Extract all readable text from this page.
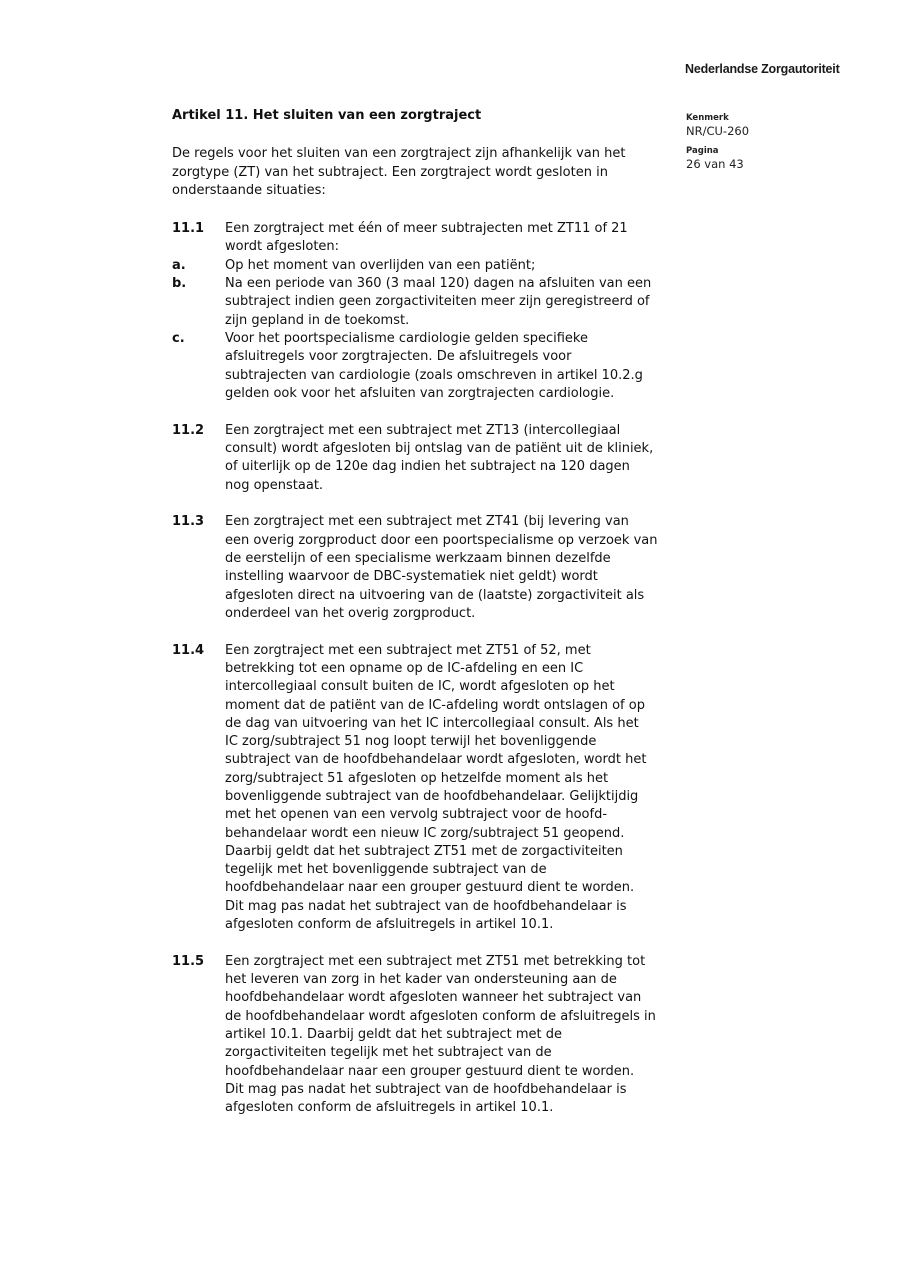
Nederlandse Zorgautoriteit
Kenmerk
NR/CU-260
Pagina
26 van 43
Artikel 11. Het sluiten van een zorgtraject
De regels voor het sluiten van een zorgtraject zijn afhankelijk van het
zorgtype (ZT) van het subtraject. Een zorgtraject wordt gesloten in
onderstaande situaties:
11.1	Een zorgtraject met één of meer subtrajecten met ZT11 of 21
wordt afgesloten:
a.	Op het moment van overlijden van een patiënt;
b.	Na een periode van 360 (3 maal 120) dagen na afsluiten van een
subtraject indien geen zorgactiviteiten meer zijn geregistreerd of
zijn gepland in de toekomst.
c.	Voor het poortspecialisme cardiologie gelden specifieke
afsluitregels voor zorgtrajecten. De afsluitregels voor
subtrajecten van cardiologie (zoals omschreven in artikel 10.2.g
gelden ook voor het afsluiten van zorgtrajecten cardiologie.
11.2	Een zorgtraject met een subtraject met ZT13 (intercollegiaal
consult) wordt afgesloten bij ontslag van de patiënt uit de kliniek,
of uiterlijk op de 120e dag indien het subtraject na 120 dagen
nog openstaat.
11.3	Een zorgtraject met een subtraject met ZT41 (bij levering van
een overig zorgproduct door een poortspecialisme op verzoek van
de eerstelijn of een specialisme werkzaam binnen dezelfde
instelling waarvoor de DBC-systematiek niet geldt) wordt
afgesloten direct na uitvoering van de (laatste) zorgactiviteit als
onderdeel van het overig zorgproduct.
11.4	Een zorgtraject met een subtraject met ZT51 of 52, met
betrekking tot een opname op de IC-afdeling en een IC
intercollegiaal consult buiten de IC, wordt afgesloten op het
moment dat de patiënt van de IC-afdeling wordt ontslagen of op
de dag van uitvoering van het IC intercollegiaal consult. Als het
IC zorg/subtraject 51 nog loopt terwijl het bovenliggende
subtraject van de hoofdbehandelaar wordt afgesloten, wordt het
zorg/subtraject 51 afgesloten op hetzelfde moment als het
bovenliggende subtraject van de hoofdbehandelaar. Gelijktijdig
met het openen van een vervolg subtraject voor de hoofd-
behandelaar wordt een nieuw IC zorg/subtraject 51 geopend.
Daarbij geldt dat het subtraject ZT51 met de zorgactiviteiten
tegelijk met het bovenliggende subtraject van de
hoofdbehandelaar naar een grouper gestuurd dient te worden.
Dit mag pas nadat het subtraject van de hoofdbehandelaar is
afgesloten conform de afsluitregels in artikel 10.1.
11.5	Een zorgtraject met een subtraject met ZT51 met betrekking tot
het leveren van zorg in het kader van ondersteuning aan de
hoofdbehandelaar wordt afgesloten wanneer het subtraject van
de hoofdbehandelaar wordt afgesloten conform de afsluitregels in
artikel 10.1. Daarbij geldt dat het subtraject met de
zorgactiviteiten tegelijk met het subtraject van de
hoofdbehandelaar naar een grouper gestuurd dient te worden.
Dit mag pas nadat het subtraject van de hoofdbehandelaar is
afgesloten conform de afsluitregels in artikel 10.1.
